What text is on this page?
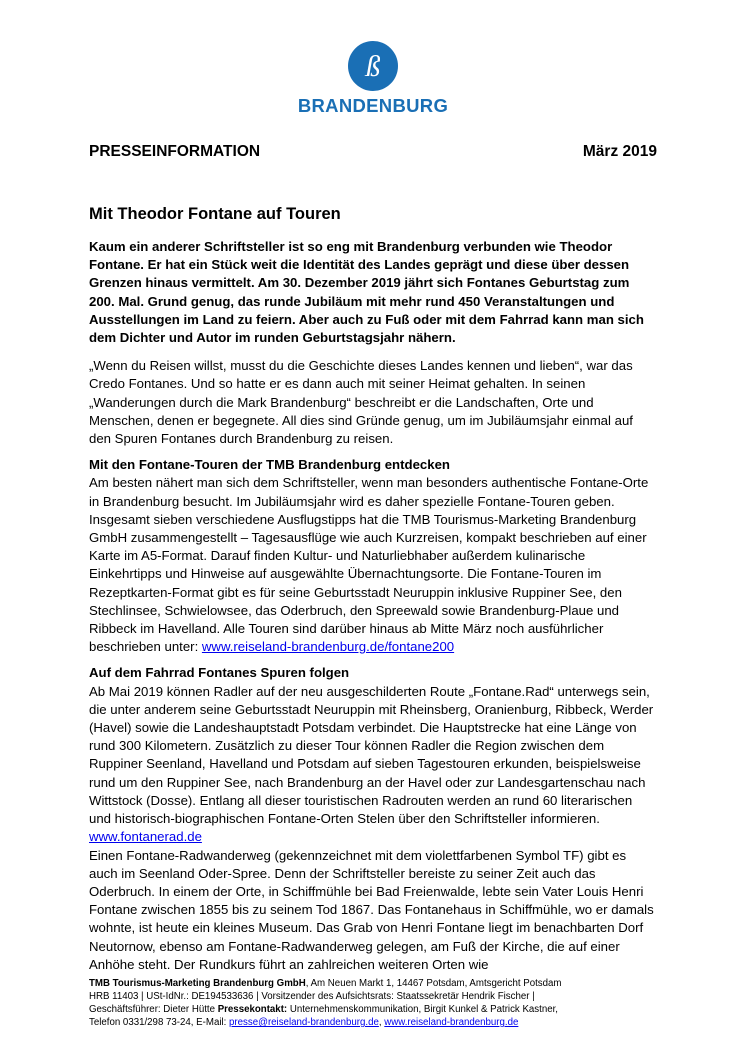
ß
BRANDENBURG
PRESSEINFORMATION	März 2019
Mit Theodor Fontane auf Touren

Kaum ein anderer Schriftsteller ist so eng mit Brandenburg verbunden wie Theodor Fontane. Er hat ein Stück weit die Identität des Landes geprägt und diese über dessen Grenzen hinaus vermittelt. Am 30. Dezember 2019 jährt sich Fontanes Geburtstag zum 200. Mal. Grund genug, das runde Jubiläum mit mehr rund 450 Veranstaltungen und Ausstellungen im Land zu feiern. Aber auch zu Fuß oder mit dem Fahrrad kann man sich dem Dichter und Autor im runden Geburtstagsjahr nähern.

„Wenn du Reisen willst, musst du die Geschichte dieses Landes kennen und lieben“, war das Credo Fontanes. Und so hatte er es dann auch mit seiner Heimat gehalten. In seinen „Wanderungen durch die Mark Brandenburg“ beschreibt er die Landschaften, Orte und Menschen, denen er begegnete. All dies sind Gründe genug, um im Jubiläumsjahr einmal auf den Spuren Fontanes durch Brandenburg zu reisen.

Mit den Fontane-Touren der TMB Brandenburg entdecken

Am besten nähert man sich dem Schriftsteller, wenn man besonders authentische Fontane-Orte in Brandenburg besucht. Im Jubiläumsjahr wird es daher spezielle Fontane-Touren geben. Insgesamt sieben verschiedene Ausflugstipps hat die TMB Tourismus-Marketing Brandenburg GmbH zusammengestellt – Tagesausflüge wie auch Kurzreisen, kompakt beschrieben auf einer Karte im A5-Format. Darauf finden Kultur- und Naturliebhaber außerdem kulinarische Einkehrtipps und Hinweise auf ausgewählte Übernachtungsorte. Die Fontane-Touren im Rezeptkarten-Format gibt es für seine Geburtsstadt Neuruppin inklusive Ruppiner See, den Stechlinsee, Schwielowsee, das Oderbruch, den Spreewald sowie Brandenburg-Plaue und Ribbeck im Havelland. Alle Touren sind darüber hinaus ab Mitte März noch ausführlicher beschrieben unter: www.reiseland-brandenburg.de/fontane200

Auf dem Fahrrad Fontanes Spuren folgen

Ab Mai 2019 können Radler auf der neu ausgeschilderten Route „Fontane.Rad“ unterwegs sein, die unter anderem seine Geburtsstadt Neuruppin mit Rheinsberg, Oranienburg, Ribbeck, Werder (Havel) sowie die Landeshauptstadt Potsdam verbindet. Die Hauptstrecke hat eine Länge von rund 300 Kilometern. Zusätzlich zu dieser Tour können Radler die Region zwischen dem Ruppiner Seenland, Havelland und Potsdam auf sieben Tagestouren erkunden, beispielsweise rund um den Ruppiner See, nach Brandenburg an der Havel oder zur Landesgartenschau nach Wittstock (Dosse). Entlang all dieser touristischen Radrouten werden an rund 60 literarischen und historisch-biographischen Fontane-Orten Stelen über den Schriftsteller informieren. www.fontanerad.de

Einen Fontane-Radwanderweg (gekennzeichnet mit dem violettfarbenen Symbol TF) gibt es auch im Seenland Oder-Spree. Denn der Schriftsteller bereiste zu seiner Zeit auch das Oderbruch. In einem der Orte, in Schiffmühle bei Bad Freienwalde, lebte sein Vater Louis Henri Fontane zwischen 1855 bis zu seinem Tod 1867. Das Fontanehaus in Schiffmühle, wo er damals wohnte, ist heute ein kleines Museum. Das Grab von Henri Fontane liegt im benachbarten Dorf Neutornow, ebenso am Fontane-Radwanderweg gelegen, am Fuß der Kirche, die auf einer Anhöhe steht. Der Rundkurs führt an zahlreichen weiteren Orten wie

TMB Tourismus-Marketing Brandenburg GmbH, Am Neuen Markt 1, 14467 Potsdam, Amtsgericht Potsdam

HRB 11403 | USt-IdNr.: DE194533636 | Vorsitzender des Aufsichtsrats: Staatssekretär Hendrik Fischer |

Geschäftsführer: Dieter Hütte Pressekontakt: Unternehmenskommunikation, Birgit Kunkel & Patrick Kastner,

Telefon 0331/298 73-24, E-Mail: presse@reiseland-brandenburg.de, www.reiseland-brandenburg.de
